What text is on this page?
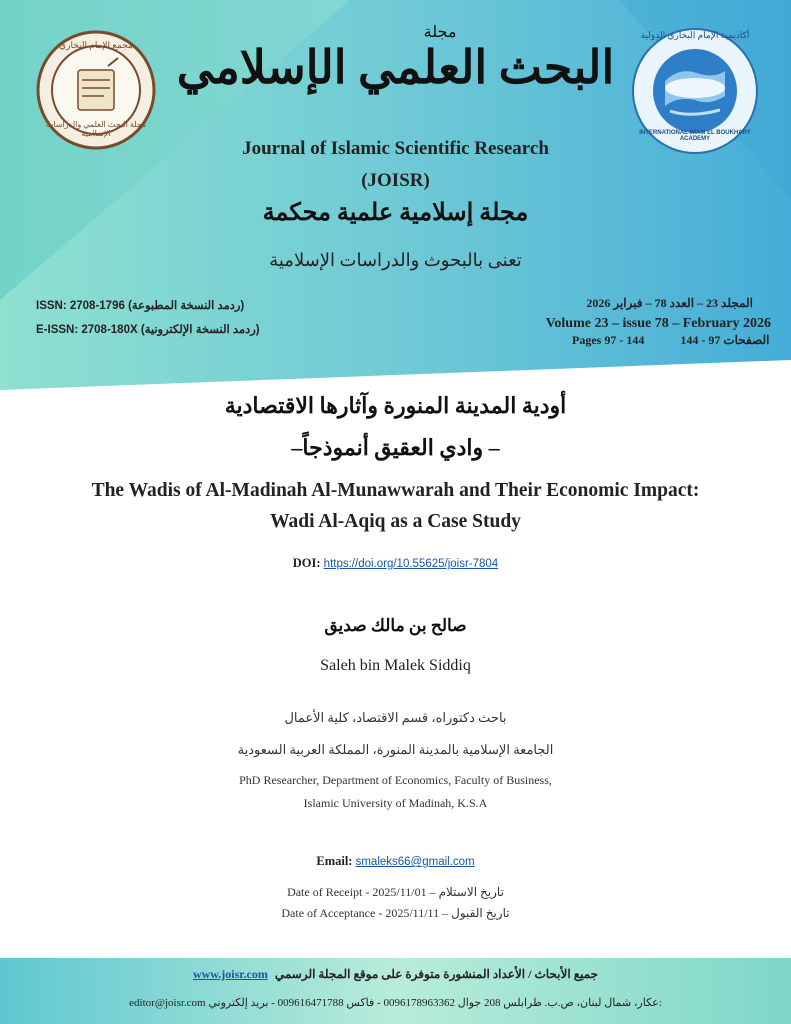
مجمع الإمام البخاري
مجلة البحث العلمي والدراسات الإسلامية	INTERNATIONAL IMAM EL BOUKHARY ACADEMY
أكاديمية الإمام البخاري الدولية
مجلة
البحث العلمي الإسلامي
Journal of Islamic Scientific Research
(JOISR)
مجلة إسلامية علمية محكمة
تعنى بالبحوث والدراسات الإسلامية
ISSN: 2708-1796 (ردمد النسخة المطبوعة)
E-ISSN: 2708-180X (ردمد النسخة الإلكترونية)
المجلد 23 – العدد 78 – فبراير 2026
Volume 23 – issue 78 – February 2026
Pages 97 - 144	الصفحات 97 - 144
أودية المدينة المنورة وآثارها الاقتصادية
– وادي العقيق أنموذجاً–
The Wadis of Al-Madinah Al-Munawwarah and Their Economic Impact:
Wadi Al-Aqiq as a Case Study
DOI: https://doi.org/10.55625/joisr-7804
صالح بن مالك صديق
Saleh bin Malek Siddiq
باحث دكتوراه، قسم الاقتصاد، كلية الأعمال
الجامعة الإسلامية بالمدينة المنورة، المملكة العربية السعودية
PhD Researcher, Department of Economics, Faculty of Business,
Islamic University of Madinah, K.S.A
Email: smaleks66@gmail.com
Date of Receipt - 2025/11/01 – تاريخ الاستلام
Date of Acceptance - 2025/11/11 – تاريخ القبول
www.joisr.com جميع الأبحاث / الأعداد المنشورة متوفرة على موقع المجلة الرسمي
editor@joisr.com عكار، شمال لبنان، ص.ب. طرابلس 208 جوال 0096178963362 - فاكس 009616471788 - بريد إلكتروني:
